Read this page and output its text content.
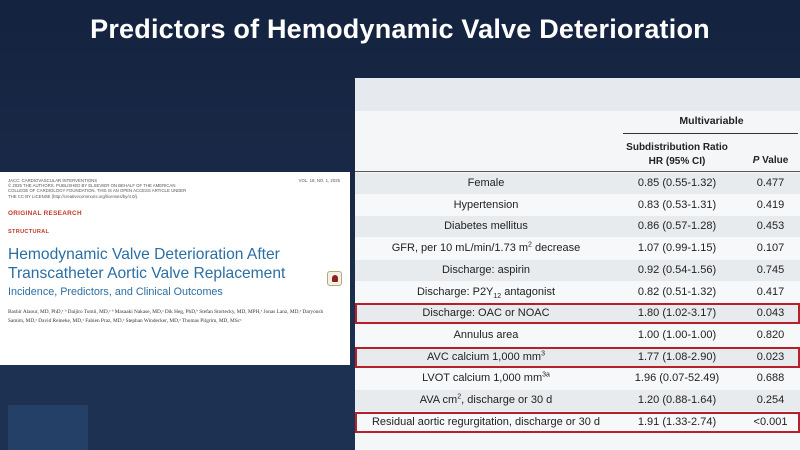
Predictors of Hemodynamic Valve Deterioration
JACC: CARDIOVASCULAR INTERVENTIONS
© 2025 THE AUTHORS. PUBLISHED BY ELSEVIER ON BEHALF OF THE AMERICAN
COLLEGE OF CARDIOLOGY FOUNDATION. THIS IS AN OPEN ACCESS ARTICLE UNDER
THE CC BY LICENSE (http://creativecommons.org/licenses/by/4.0/).
VOL. 18, NO. 1, 2025
ORIGINAL RESEARCH
STRUCTURAL
Hemodynamic Valve Deterioration After Transcatheter Aortic Valve Replacement
Incidence, Predictors, and Clinical Outcomes
Bashir Alaour, MD, PhD,ᵃ ᵇ Daijiro Tomii, MD,ᵃ ᵇ Masaaki Nakase, MD,ᵃ Dik Heg, PhD,ᵇ Stefan Stortecky, MD, MPH,ᵃ Jonas Lanz, MD,ᵃ Daryoush Samim, MD,ᵃ David Reineke, MD,ᵃ Fabien Praz, MD,ᵃ Stephan Windecker, MD,ᵃ Thomas Pilgrim, MD, MScᵃ
Multivariable
Subdistribution Ratio
HR (95% CI)	P Value
Female	0.85 (0.55-1.32)	0.477
Hypertension	0.83 (0.53-1.31)	0.419
Diabetes mellitus	0.86 (0.57-1.28)	0.453
GFR, per 10 mL/min/1.73 $m^2$ decrease	1.07 (0.99-1.15)	0.107
Discharge: aspirin	0.92 (0.54-1.56)	0.745
Discharge: $P2Y_{12}$ antagonist	0.82 (0.51-1.32)	0.417
Discharge: OAC or NOAC	1.80 (1.02-3.17)	0.043
Annulus area	1.00 (1.00-1.00)	0.820
AVC calcium 1,000 $mm^3$	1.77 (1.08-2.90)	0.023
LVOT calcium 1,000 $mm^{3a}$	1.96 (0.07-52.49)	0.688
AVA $cm^2$, discharge or 30 d	1.20 (0.88-1.64)	0.254
Residual aortic regurgitation, discharge or 30 d	1.91 (1.33-2.74)	<0.001
